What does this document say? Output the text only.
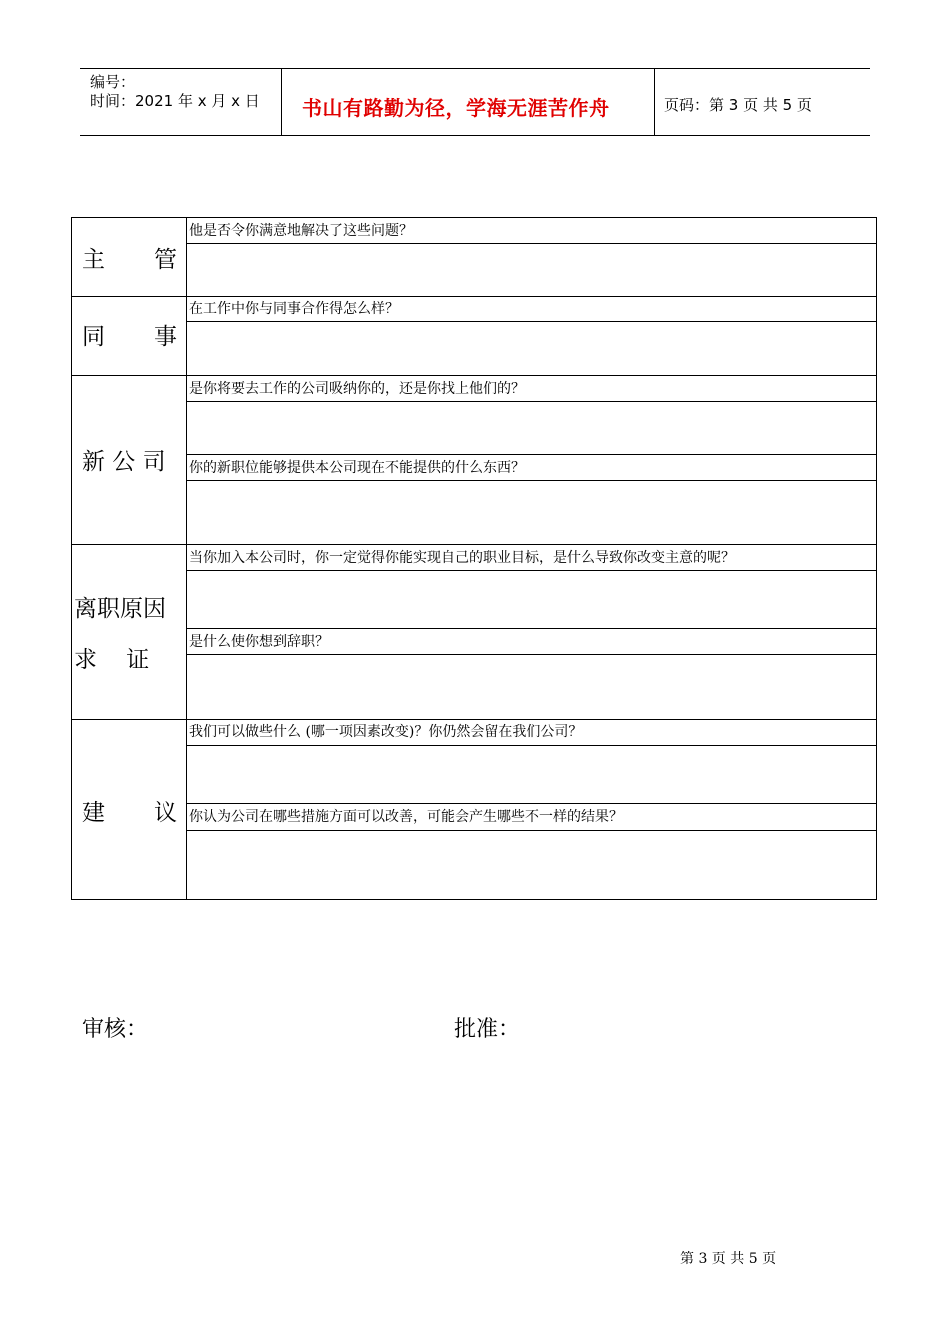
编号：
时间：2021 年 x 月 x 日 书山有路勤为径，学海无涯苦作舟	页码：第 3 页 共 5 页
主 管
他是否令你满意地解决了这些问题？
同 事
在工作中你与同事合作得怎么样？
新 公 司
是你将要去工作的公司吸纳你的，还是你找上他们的？
你的新职位能够提供本公司现在不能提供的什么东西？
离职原因
求    证
当你加入本公司时，你一定觉得你能实现自己的职业目标，是什么导致你改变主意的呢？
是什么使你想到辞职？
建 议
我们可以做些什么 (哪一项因素改变)？你仍然会留在我们公司？
你认为公司在哪些措施方面可以改善，可能会产生哪些不一样的结果？
审核：	批准：
第 3 页 共 5 页
